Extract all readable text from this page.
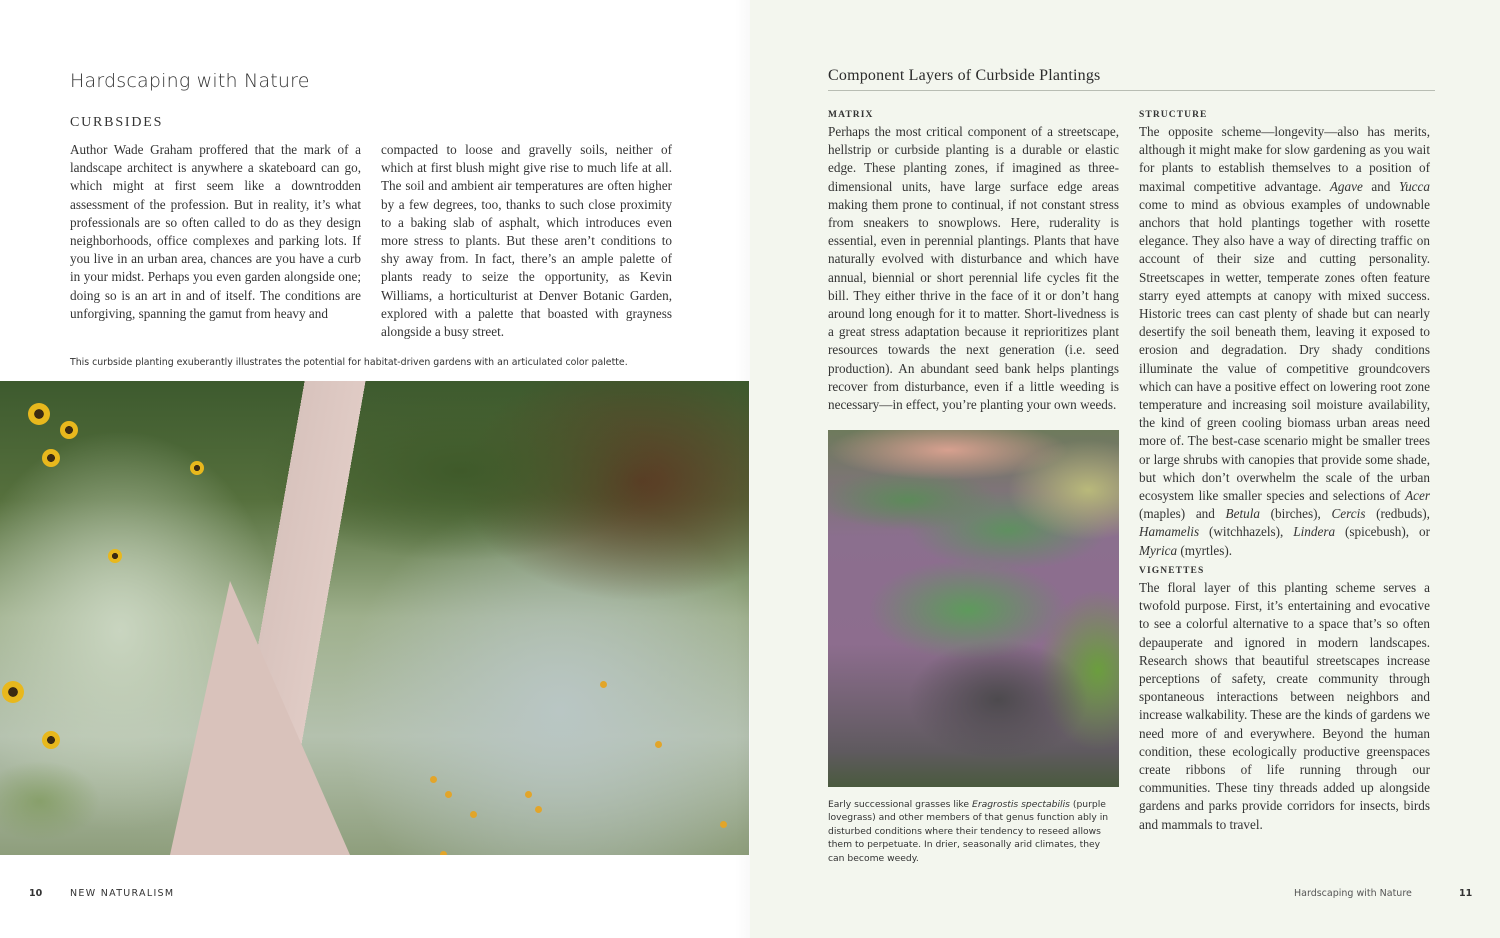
Hardscaping with Nature
CURBSIDES
Author Wade Graham proffered that the mark of a landscape architect is anywhere a skateboard can go, which might at first seem like a downtrodden assessment of the profession. But in reality, it’s what professionals are so often called to do as they design neighborhoods, office complexes and parking lots. If you live in an urban area, chances are you have a curb in your midst. Perhaps you even garden alongside one; doing so is an art in and of itself. The conditions are unforgiving, spanning the gamut from heavy and
compacted to loose and gravelly soils, neither of which at first blush might give rise to much life at all. The soil and ambient air temperatures are often higher by a few degrees, too, thanks to such close proximity to a baking slab of asphalt, which introduces even more stress to plants. But these aren’t conditions to shy away from. In fact, there’s an ample palette of plants ready to seize the opportunity, as Kevin Williams, a horticulturist at Denver Botanic Garden, explored with a palette that boasted with grayness alongside a busy street.
This curbside planting exuberantly illustrates the potential for habitat-driven gardens with an articulated color palette.
10	NEW NATURALISM
Component Layers of Curbside Plantings
MATRIX
Perhaps the most critical component of a streetscape, hellstrip or curbside planting is a durable or elastic edge. These planting zones, if imagined as three-dimensional units, have large surface edge areas making them prone to continual, if not constant stress from sneakers to snowplows. Here, ruderality is essential, even in perennial plantings. Plants that have naturally evolved with disturbance and which have annual, biennial or short perennial life cycles fit the bill. They either thrive in the face of it or don’t hang around long enough for it to matter. Short-livedness is a great stress adaptation because it reprioritizes plant resources towards the next generation (i.e. seed production). An abundant seed bank helps plantings recover from disturbance, even if a little weeding is necessary—in effect, you’re planting your own weeds.
Early successional grasses like Eragrostis spectabilis (purple lovegrass) and other members of that genus function ably in disturbed conditions where their tendency to reseed allows them to perpetuate. In drier, seasonally arid climates, they can become weedy.
STRUCTURE
The opposite scheme—longevity—also has merits, although it might make for slow gardening as you wait for plants to establish themselves to a position of maximal competitive advantage. Agave and Yucca come to mind as obvious examples of undownable anchors that hold plantings together with rosette elegance. They also have a way of directing traffic on account of their size and cutting personality. Streetscapes in wetter, temperate zones often feature starry eyed attempts at canopy with mixed success. Historic trees can cast plenty of shade but can nearly desertify the soil beneath them, leaving it exposed to erosion and degradation. Dry shady conditions illuminate the value of competitive groundcovers which can have a positive effect on lowering root zone temperature and increasing soil moisture availability, the kind of green cooling biomass urban areas need more of. The best-case scenario might be smaller trees or large shrubs with canopies that provide some shade, but which don’t overwhelm the scale of the urban ecosystem like smaller species and selections of Acer (maples) and Betula (birches), Cercis (redbuds), Hamamelis (witchhazels), Lindera (spicebush), or Myrica (myrtles).
VIGNETTES
The floral layer of this planting scheme serves a twofold purpose. First, it’s entertaining and evocative to see a colorful alternative to a space that’s so often depauperate and ignored in modern landscapes. Research shows that beautiful streetscapes increase perceptions of safety, create community through spontaneous interactions between neighbors and increase walkability. These are the kinds of gardens we need more of and everywhere. Beyond the human condition, these ecologically productive greenspaces create ribbons of life running through our communities. These tiny threads added up alongside gardens and parks provide corridors for insects, birds and mammals to travel.
Hardscaping with Nature	11
